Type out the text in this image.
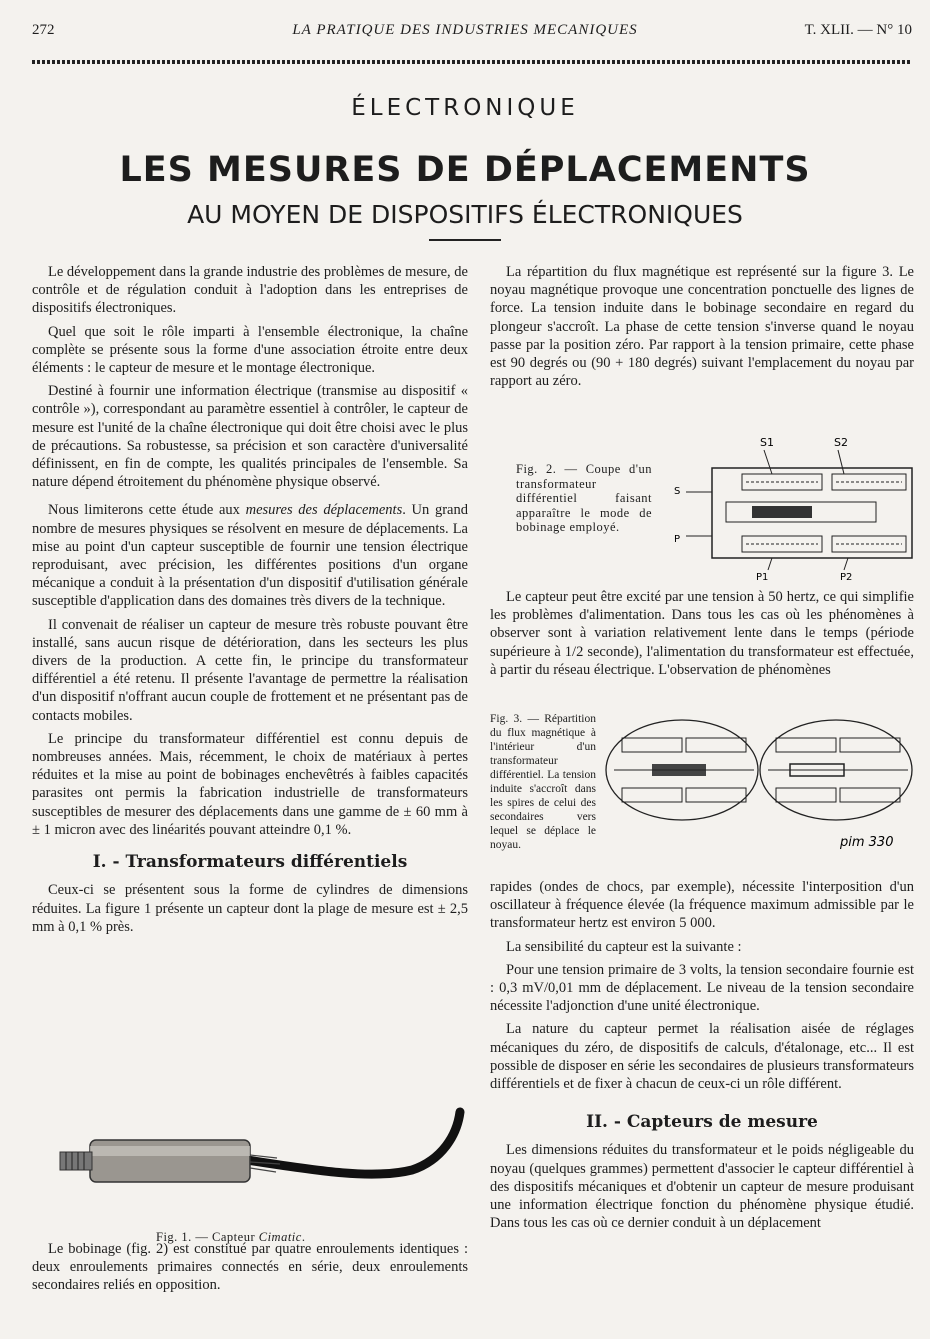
272	LA PRATIQUE DES INDUSTRIES MECANIQUES	T. XLII. — N° 10
ÉLECTRONIQUE
LES MESURES DE DÉPLACEMENTS
AU MOYEN DE DISPOSITIFS ÉLECTRONIQUES

Le développement dans la grande industrie des problèmes de mesure, de contrôle et de régulation conduit à l'adoption dans les entreprises de dispositifs électroniques.

Quel que soit le rôle imparti à l'ensemble électronique, la chaîne complète se présente sous la forme d'une association étroite entre deux éléments : le capteur de mesure et le montage électronique.

Destiné à fournir une information électrique (transmise au dispositif « contrôle »), correspondant au paramètre essentiel à contrôler, le capteur de mesure est l'unité de la chaîne électronique qui doit être choisi avec le plus de précautions. Sa robustesse, sa précision et son caractère d'universalité définissent, en fin de compte, les qualités principales de l'ensemble. Sa nature dépend étroitement du phénomène physique observé.

Nous limiterons cette étude aux mesures des déplacements. Un grand nombre de mesures physiques se résolvent en mesure de déplacements. La mise au point d'un capteur susceptible de fournir une tension électrique reproduisant, avec précision, les différentes positions d'un organe mécanique a conduit à la présentation d'un dispositif d'utilisation générale susceptible d'application dans des domaines très divers de la technique.

Il convenait de réaliser un capteur de mesure très robuste pouvant être installé, sans aucun risque de détérioration, dans les secteurs les plus divers de la production. A cette fin, le principe du transformateur différentiel a été retenu. Il présente l'avantage de permettre la réalisation d'un dispositif n'offrant aucun couple de frottement et ne présentant pas de contacts mobiles.

Le principe du transformateur différentiel est connu depuis de nombreuses années. Mais, récemment, le choix de matériaux à pertes réduites et la mise au point de bobinages enchevêtrés à faibles capacités parasites ont permis la fabrication industrielle de transformateurs susceptibles de mesurer des déplacements dans une gamme de ± 60 mm à ± 1 micron avec des linéarités pouvant atteindre 0,1 %.

I. - Transformateurs différentiels

Ceux-ci se présentent sous la forme de cylindres de dimensions réduites. La figure 1 présente un capteur dont la plage de mesure est ± 2,5 mm à 0,1 % près.

Fig. 1. — Capteur Cimatic.

Le bobinage (fig. 2) est constitué par quatre enroulements identiques : deux enroulements primaires connectés en série, deux enroulements secondaires reliés en opposition.

La répartition du flux magnétique est représenté sur la figure 3. Le noyau magnétique provoque une concentration ponctuelle des lignes de force. La tension induite dans le bobinage secondaire en regard du plongeur s'accroît. La phase de cette tension s'inverse quand le noyau passe par la position zéro. Par rapport à la tension primaire, cette phase est 90 degrés ou (90 + 180 degrés) suivant l'emplacement du noyau par rapport au zéro.

Fig. 2. — Coupe d'un transformateur différentiel faisant apparaître le mode de bobinage employé.
S1	S2
S
P
P1	P2

Le capteur peut être excité par une tension à 50 hertz, ce qui simplifie les problèmes d'alimentation. Dans tous les cas où les phénomènes à observer sont à variation relativement lente dans le temps (période supérieure à 1/2 seconde), l'alimentation du transformateur est effectuée, à partir du réseau électrique. L'observation de phénomènes

Fig. 3. — Répartition du flux magnétique à l'intérieur d'un transformateur différentiel. La tension induite s'accroît dans les spires de celui des secondaires vers lequel se déplace le noyau.	pim 330

rapides (ondes de chocs, par exemple), nécessite l'interposition d'un oscillateur à fréquence élevée (la fréquence maximum admissible par le transformateur hertz est environ 5 000.

La sensibilité du capteur est la suivante :

Pour une tension primaire de 3 volts, la tension secondaire fournie est : 0,3 mV/0,01 mm de déplacement. Le niveau de la tension secondaire nécessite l'adjonction d'une unité électronique.

La nature du capteur permet la réalisation aisée de réglages mécaniques du zéro, de dispositifs de calculs, d'étalonage, etc... Il est possible de disposer en série les secondaires de plusieurs transformateurs différentiels et de fixer à chacun de ceux-ci un rôle différent.

II. - Capteurs de mesure

Les dimensions réduites du transformateur et le poids négligeable du noyau (quelques grammes) permettent d'associer le capteur différentiel à des dispositifs mécaniques et d'obtenir un capteur de mesure produisant une information électrique fonction du phénomène physique étudié. Dans tous les cas où ce dernier conduit à un déplacement
